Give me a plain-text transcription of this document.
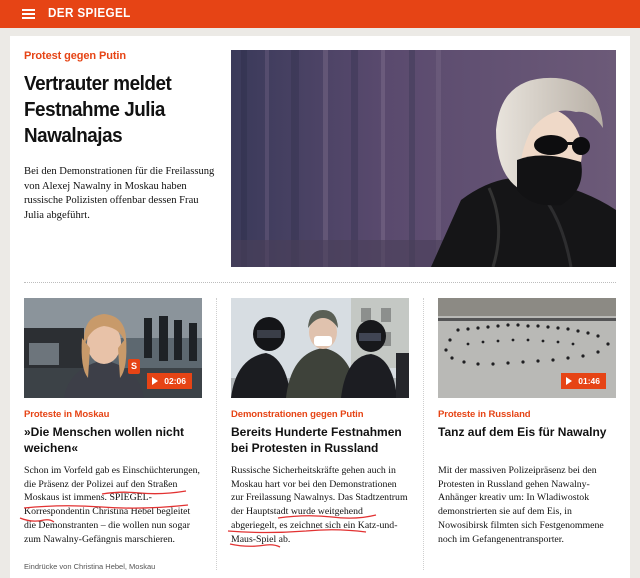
DER SPIEGEL
Protest gegen Putin
Vertrauter meldet Festnahme Julia Nawalnajas
Bei den Demonstrationen für die Freilassung von Alexej Nawalny in Moskau haben russische Polizisten offenbar dessen Frau Julia abgeführt.
S
02:06
Proteste in Moskau
»Die Menschen wollen nicht weichen«
Schon im Vorfeld gab es Einschüchterungen, die Präsenz der Polizei auf den Straßen Moskaus ist immens. SPIEGEL-Korrespondentin Christina Hebel begleitet die Demonstranten – die wollen nun sogar zum Nawalny-Gefängnis marschieren.
Eindrücke von Christina Hebel, Moskau
Demonstrationen gegen Putin
Bereits Hunderte Festnahmen bei Protesten in Russland
Russische Sicherheitskräfte gehen auch in Moskau hart vor bei den Demonstrationen zur Freilassung Nawalnys. Das Stadtzentrum der Hauptstadt wurde weitgehend abgeriegelt, es zeichnet sich ein Katz-und-Maus-Spiel ab.
01:46
Proteste in Russland
Tanz auf dem Eis für Nawalny
Mit der massiven Polizeipräsenz bei den Protesten in Russland gehen Nawalny-Anhänger kreativ um: In Wladiwostok demonstrierten sie auf dem Eis, in Nowosibirsk filmten sich Festgenommene noch im Gefangenentransporter.
